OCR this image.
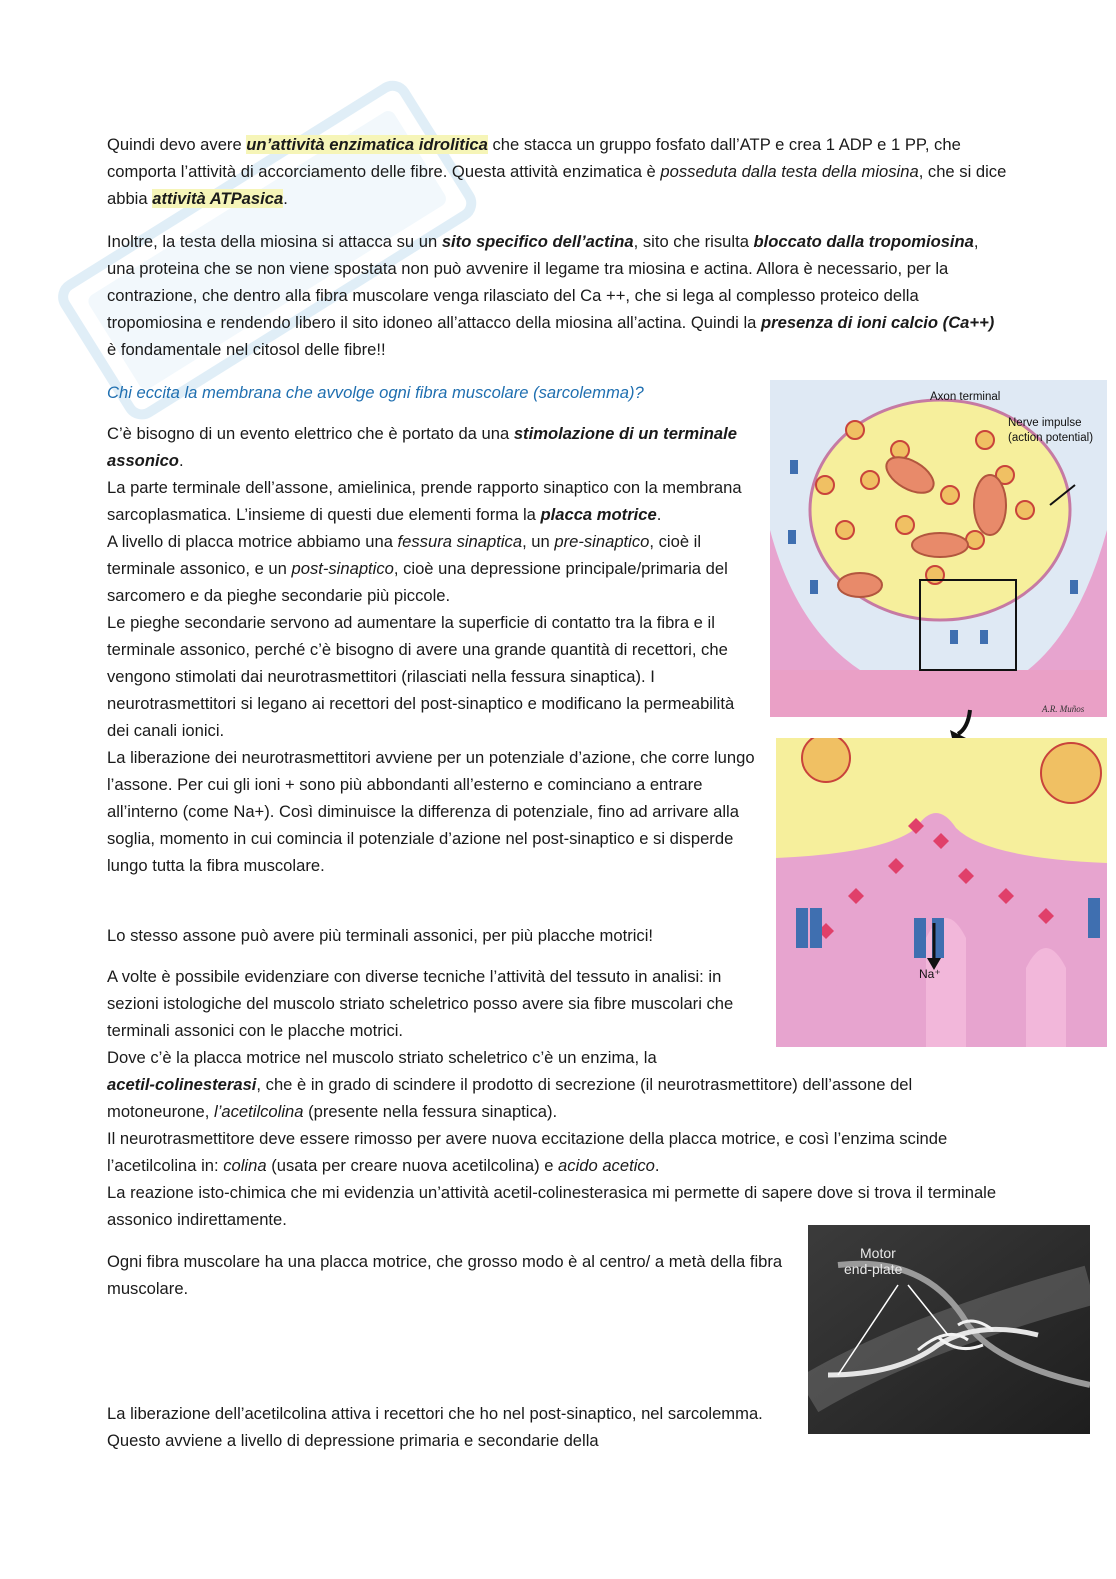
Quindi devo avere un’attività enzimatica idrolitica che stacca un gruppo fosfato dall’ATP e crea 1 ADP e 1 PP, che comporta l’attività di accorciamento delle fibre. Questa attività enzimatica è posseduta dalla testa della miosina, che si dice abbia attività ATPasica.

Inoltre, la testa della miosina si attacca su un sito specifico dell’actina, sito che risulta bloccato dalla tropomiosina, una proteina che se non viene spostata non può avvenire il legame tra miosina e actina. Allora è necessario, per la contrazione, che dentro alla fibra muscolare venga rilasciato del Ca ++, che si lega al complesso proteico della tropomiosina e rendendo libero il sito idoneo all’attacco della miosina all’actina. Quindi la presenza di ioni calcio (Ca++) è fondamentale nel citosol delle fibre!!

Chi eccita la membrana che avvolge ogni fibra muscolare (sarcolemma)?

C’è bisogno di un evento elettrico che è portato da una stimolazione di un terminale assonico.
La parte terminale dell’assone, amielinica, prende rapporto sinaptico con la membrana sarcoplasmatica. L’insieme di questi due elementi forma la placca motrice.
A livello di placca motrice abbiamo una fessura sinaptica, un pre-sinaptico, cioè il terminale assonico, e un post-sinaptico, cioè una depressione principale/primaria del sarcomero e da pieghe secondarie più piccole.
Le pieghe secondarie servono ad aumentare la superficie di contatto tra la fibra e il terminale assonico, perché c’è bisogno di avere una grande quantità di recettori, che vengono stimolati dai neurotrasmettitori (rilasciati nella fessura sinaptica). I neurotrasmettitori si legano ai recettori del post-sinaptico e modificano la permeabilità dei canali ionici.
La liberazione dei neurotrasmettitori avviene per un potenziale d’azione, che corre lungo l’assone. Per cui gli ioni + sono più abbondanti all’esterno e cominciano a entrare all’interno (come Na+). Così diminuisce la differenza di potenziale, fino ad arrivare alla soglia, momento in cui comincia il potenziale d’azione nel post-sinaptico e si disperde lungo tutta la fibra muscolare.

Lo stesso assone può avere più terminali assonici, per più placche motrici!

A volte è possibile evidenziare con diverse tecniche l’attività del tessuto in analisi: in sezioni istologiche del muscolo striato scheletrico posso avere sia fibre muscolari che terminali assonici con le placche motrici.
Dove c’è la placca motrice nel muscolo striato scheletrico c’è un enzima, la

acetil-colinesterasi, che è in grado di scindere il prodotto di secrezione (il neurotrasmettitore) dell’assone del motoneurone, l’acetilcolina (presente nella fessura sinaptica).
Il neurotrasmettitore deve essere rimosso per avere nuova eccitazione della placca motrice, e così l’enzima scinde l’acetilcolina in: colina (usata per creare nuova acetilcolina) e acido acetico.
La reazione isto-chimica che mi evidenzia un’attività acetil-colinesterasica mi permette di sapere dove si trova il terminale assonico indirettamente.

Ogni fibra muscolare ha una placca motrice, che grosso modo è al centro/ a metà della fibra muscolare.

La liberazione dell’acetilcolina attiva i recettori che ho nel post-sinaptico, nel sarcolemma. Questo avviene a livello di depressione primaria e secondarie della

Axon terminal
Nerve impulse
(action potential)
A.R. Muños
Na⁺
Motor
end-plate
